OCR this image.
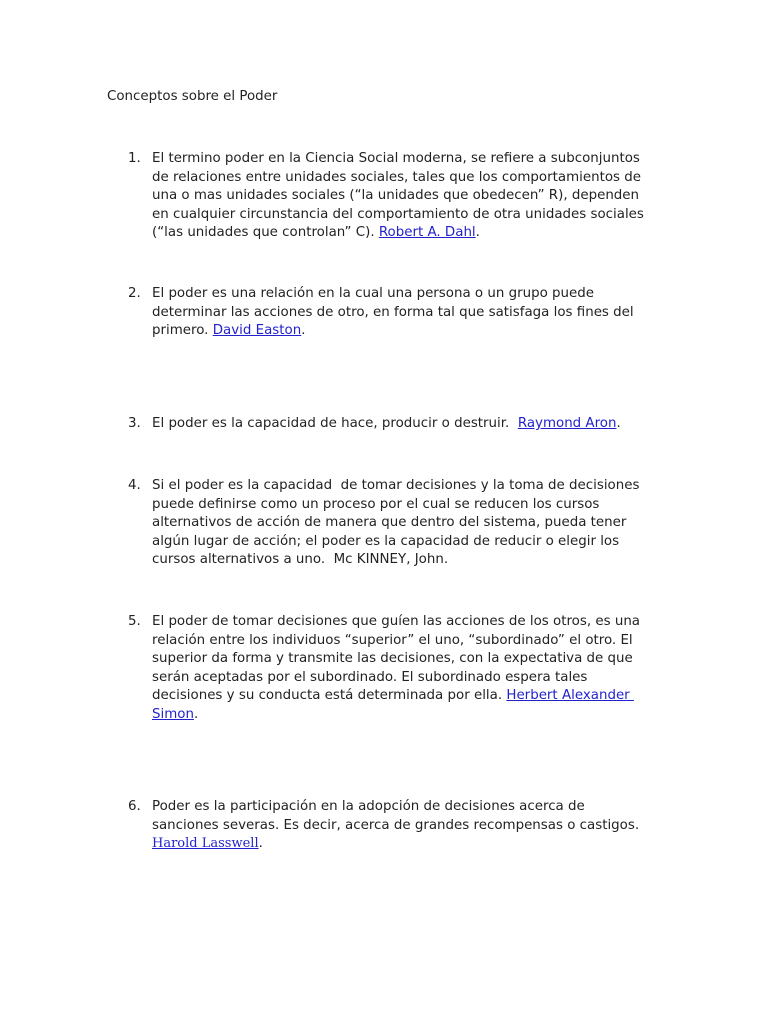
Conceptos sobre el Poder
1. El termino poder en la Ciencia Social moderna, se refiere a subconjuntos
de relaciones entre unidades sociales, tales que los comportamientos de
una o mas unidades sociales (“la unidades que obedecen” R), dependen
en cualquier circunstancia del comportamiento de otra unidades sociales
(“las unidades que controlan” C). Robert A. Dahl.
2. El poder es una relación en la cual una persona o un grupo puede
determinar las acciones de otro, en forma tal que satisfaga los fines del
primero. David Easton.
3. El poder es la capacidad de hace, producir o destruir.  Raymond Aron.
4. Si el poder es la capacidad  de tomar decisiones y la toma de decisiones
puede definirse como un proceso por el cual se reducen los cursos
alternativos de acción de manera que dentro del sistema, pueda tener
algún lugar de acción; el poder es la capacidad de reducir o elegir los
cursos alternativos a uno.  Mc KINNEY, John.
5. El poder de tomar decisiones que guíen las acciones de los otros, es una
relación entre los individuos “superior” el uno, “subordinado” el otro. El
superior da forma y transmite las decisiones, con la expectativa de que
serán aceptadas por el subordinado. El subordinado espera tales
decisiones y su conducta está determinada por ella. Herbert Alexander
Simon.
6. Poder es la participación en la adopción de decisiones acerca de
sanciones severas. Es decir, acerca de grandes recompensas o castigos.
Harold Lasswell.
